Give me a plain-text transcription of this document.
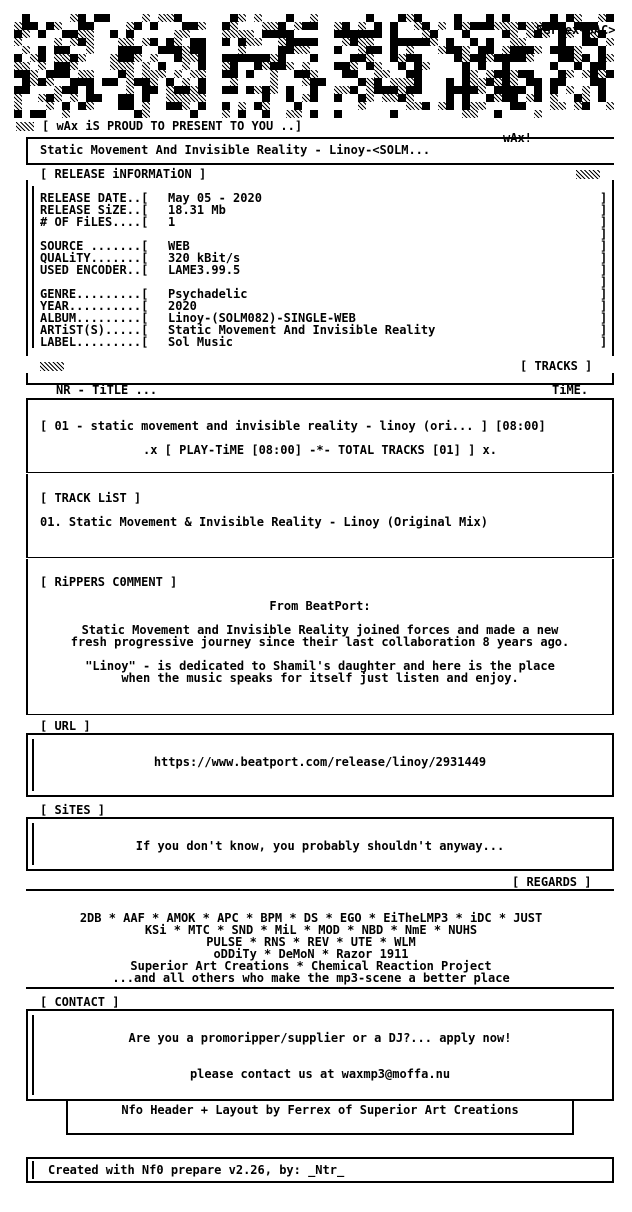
Ferrex<SAC>
wAx!
[ wAx iS PROUD TO PRESENT TO YOU ..]
Static Movement And Invisible Reality - Linoy-<SOLM...
[ RELEASE iNFORMATiON ]
RELEASE DATE..[ May 05 - 2020	]
RELEASE SiZE..[ 18.31 Mb	]
# OF FiLES....[ 1	]
]
SOURCE .......[ WEB	]
QUALiTY.......[ 320 kBit/s	]
USED ENCODER..[ LAME3.99.5	]
]
GENRE.........[ Psychadelic	]
YEAR..........[ 2020	]
ALBUM.........[ Linoy-(SOLM082)-SINGLE-WEB	]
ARTiST(S).....[ Static Movement And Invisible Reality	]
LABEL.........[ Sol Music	]
[ TRACKS ]
NR - TiTLE ...	TiME.
[ 01 - static movement and invisible reality - linoy (ori... ] [08:00]
.x [ PLAY-TiME [08:00] -*- TOTAL TRACKS [01] ] x.
[ TRACK LiST ]
01. Static Movement & Invisible Reality - Linoy (Original Mix)
[ RiPPERS C0MMENT ]
From BeatPort:
Static Movement and Invisible Reality joined forces and made a new
fresh progressive journey since their last collaboration 8 years ago.
"Linoy" - is dedicated to Shamil's daughter and here is the place
when the music speaks for itself just listen and enjoy.
[ URL ]
https://www.beatport.com/release/linoy/2931449
[ SiTES ]
If you don't know, you probably shouldn't anyway...
[ REGARDS ]
2DB * AAF * AMOK * APC * BPM * DS * EGO * EiTheLMP3 * iDC * JUST
KSi * MTC * SND * MiL * MOD * NBD * NmE * NUHS
PULSE * RNS * REV * UTE * WLM
oDDiTy * DeMoN * Razor 1911
Superior Art Creations * Chemical Reaction Project
...and all others who make the mp3-scene a better place
[ CONTACT ]
Are you a promoripper/supplier or a DJ?... apply now!
please contact us at waxmp3@moffa.nu
Nfo Header + Layout by Ferrex of Superior Art Creations
Created with Nf0 prepare v2.26, by: _Ntr_
